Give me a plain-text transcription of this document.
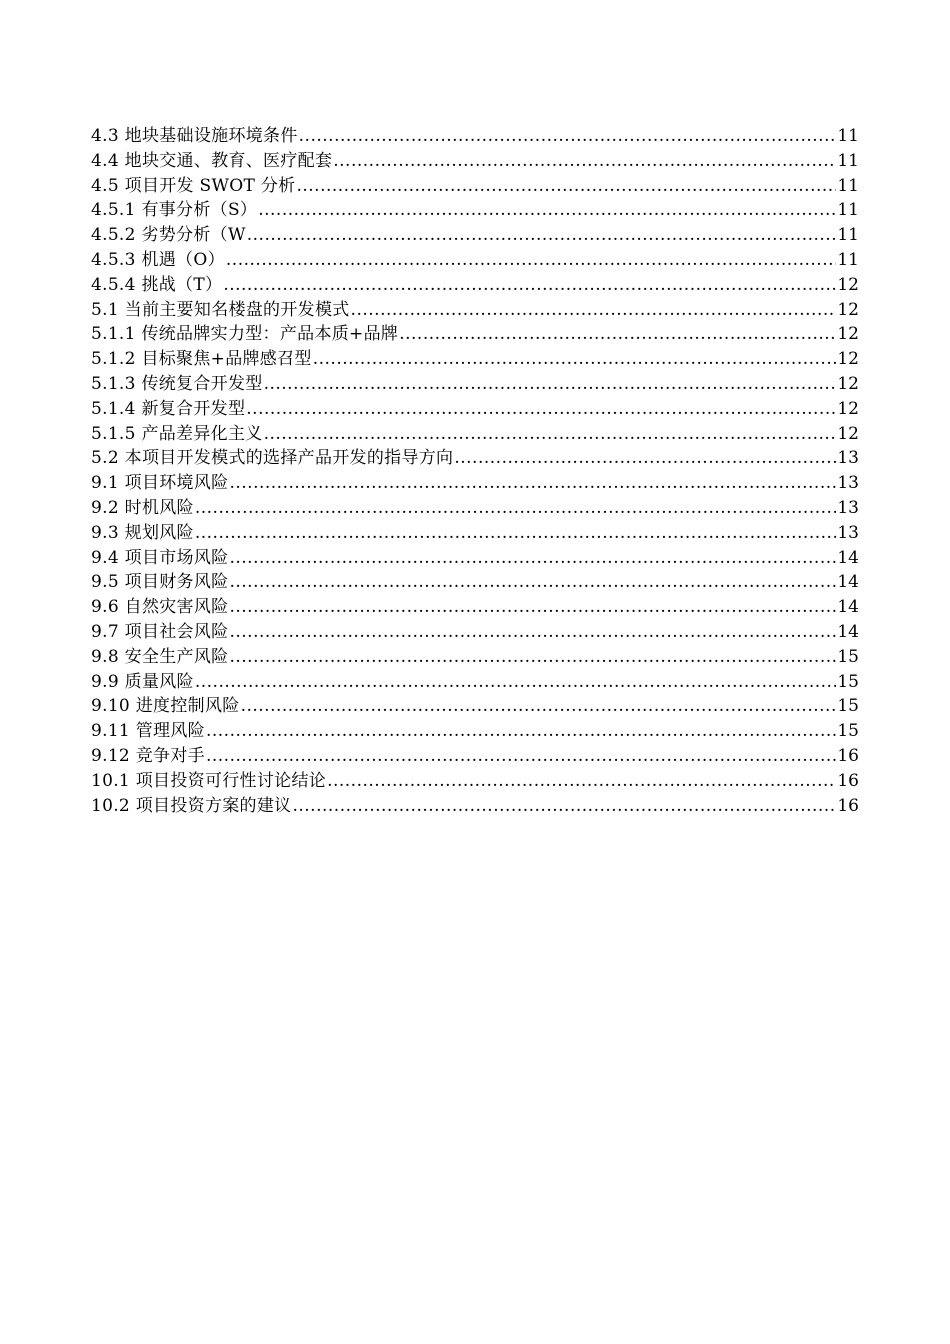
4.3 地块基础设施环境条件 .....	11
4.4 地块交通、教育、医疗配套 .....	11
4.5 项目开发 SWOT 分析 .....	11
4.5.1 有事分析（S） .....	11
4.5.2 劣势分析（W .....	11
4.5.3 机遇（O） .....	11
4.5.4 挑战（T） .....	12
5.1 当前主要知名楼盘的开发模式 .....	12
5.1.1 传统品牌实力型：产品本质+品牌 .....	12
5.1.2 目标聚焦+品牌感召型 .....	12
5.1.3 传统复合开发型 .....	12
5.1.4 新复合开发型 .....	12
5.1.5 产品差异化主义 .....	12
5.2 本项目开发模式的选择产品开发的指导方向 .....	13
9.1 项目环境风险 .....	13
9.2 时机风险 .....	13
9.3 规划风险 .....	13
9.4 项目市场风险 .....	14
9.5 项目财务风险 .....	14
9.6 自然灾害风险 .....	14
9.7 项目社会风险 .....	14
9.8 安全生产风险 .....	15
9.9 质量风险 .....	15
9.10 进度控制风险 .....	15
9.11 管理风险 .....	15
9.12 竞争对手 .....	16
10.1 项目投资可行性讨论结论 .....	16
10.2 项目投资方案的建议 .....	16
